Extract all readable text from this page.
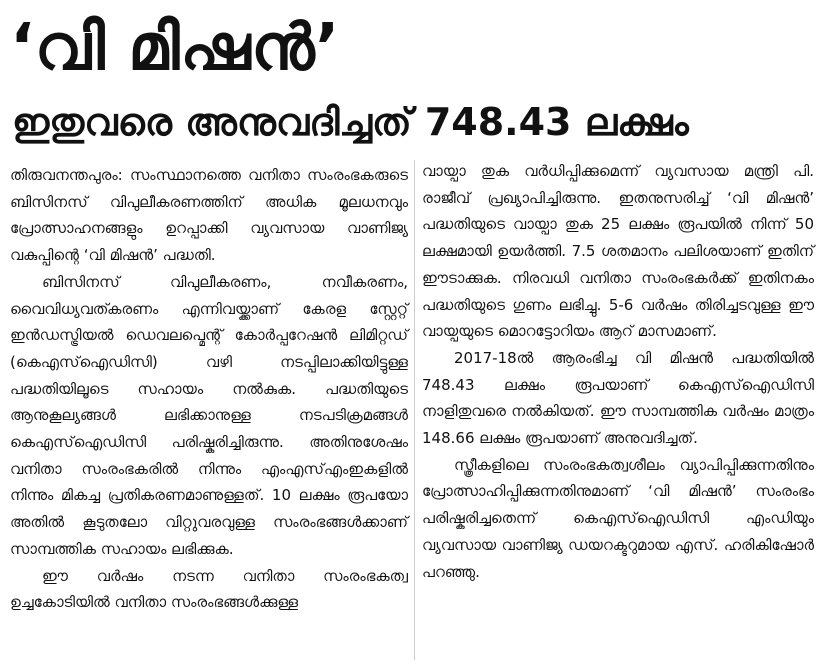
‘വി മിഷൻ’
ഇതുവരെ അനുവദിച്ചത് 748.43 ലക്ഷം

തിരുവനന്തപുരം: സംസ്ഥാനത്തെ വനിതാ സംരംഭകരുടെ ബിസിനസ് വിപുലീകരണത്തിന് അധിക മൂലധനവും പ്രോത്സാഹനങ്ങളും ഉറപ്പാക്കി വ്യവസായ വാണിജ്യ വകുപ്പിന്റെ ‘വി മിഷൻ’ പദ്ധതി.

ബിസിനസ് വിപുലീകരണം, നവീകരണം, വൈവിധ്യവത്കരണം എന്നിവയ്ക്കാണ് കേരള സ്റ്റേറ്റ് ഇൻഡസ്ട്രിയൽ ഡെവലപ്മെന്റ് കോർപ്പറേഷൻ ലിമിറ്റഡ് (കെഎസ്ഐഡിസി) വഴി നടപ്പിലാക്കിയിട്ടുള്ള പദ്ധതിയിലൂടെ സഹായം നൽകുക. പദ്ധതിയുടെ ആനുകൂല്യങ്ങൾ ലഭിക്കാനുള്ള നടപടിക്രമങ്ങൾ കെഎസ്ഐഡിസി പരിഷ്കരിച്ചിരുന്നു. അതിനുശേഷം വനിതാ സംരംഭകരിൽ നിന്നും എംഎസ്എംഇകളിൽ നിന്നും മികച്ച പ്രതികരണമാണുള്ളത്. 10 ലക്ഷം രൂപയോ അതിൽ കൂടുതലോ വിറ്റുവരവുള്ള സംരംഭങ്ങൾക്കാണ് സാമ്പത്തിക സഹായം ലഭിക്കുക.

ഈ വർഷം നടന്ന വനിതാ സംരംഭകത്വ ഉച്ചകോടിയിൽ വനിതാ സംരംഭങ്ങൾക്കുള്ള

വായ്പാ തുക വർധിപ്പിക്കുമെന്ന് വ്യവസായ മന്ത്രി പി. രാജീവ് പ്രഖ്യാപിച്ചിരുന്നു. ഇതനുസരിച്ച് ‘വി മിഷൻ’ പദ്ധതിയുടെ വായ്പാ തുക 25 ലക്ഷം രൂപയിൽ നിന്ന് 50 ലക്ഷമായി ഉയർത്തി. 7.5 ശതമാനം പലിശയാണ് ഇതിന് ഈടാക്കുക. നിരവധി വനിതാ സംരംഭകർക്ക് ഇതിനകം പദ്ധതിയുടെ ഗുണം ലഭിച്ചു. 5-6 വർഷം തിരിച്ചടവുള്ള ഈ വായ്പയുടെ മൊറട്ടോറിയം ആറ് മാസമാണ്.

2017-18ൽ ആരംഭിച്ച വി മിഷൻ പദ്ധതിയിൽ 748.43 ലക്ഷം രൂപയാണ് കെഎസ്ഐഡിസി നാളിതുവരെ നൽകിയത്. ഈ സാമ്പത്തിക വർഷം മാത്രം 148.66 ലക്ഷം രൂപയാണ് അനുവദിച്ചത്.

സ്ത്രീകളിലെ സംരംഭകത്വശീലം വ്യാപിപ്പിക്കുന്നതിനും പ്രോത്സാഹിപ്പിക്കുന്നതിനുമാണ് ‘വി മിഷൻ’ സംരംഭം പരിഷ്കരിച്ചതെന്ന് കെഎസ്ഐഡിസി എംഡിയും വ്യവസായ വാണിജ്യ ഡയറക്ടറുമായ എസ്. ഹരികിഷോർ പറഞ്ഞു.
